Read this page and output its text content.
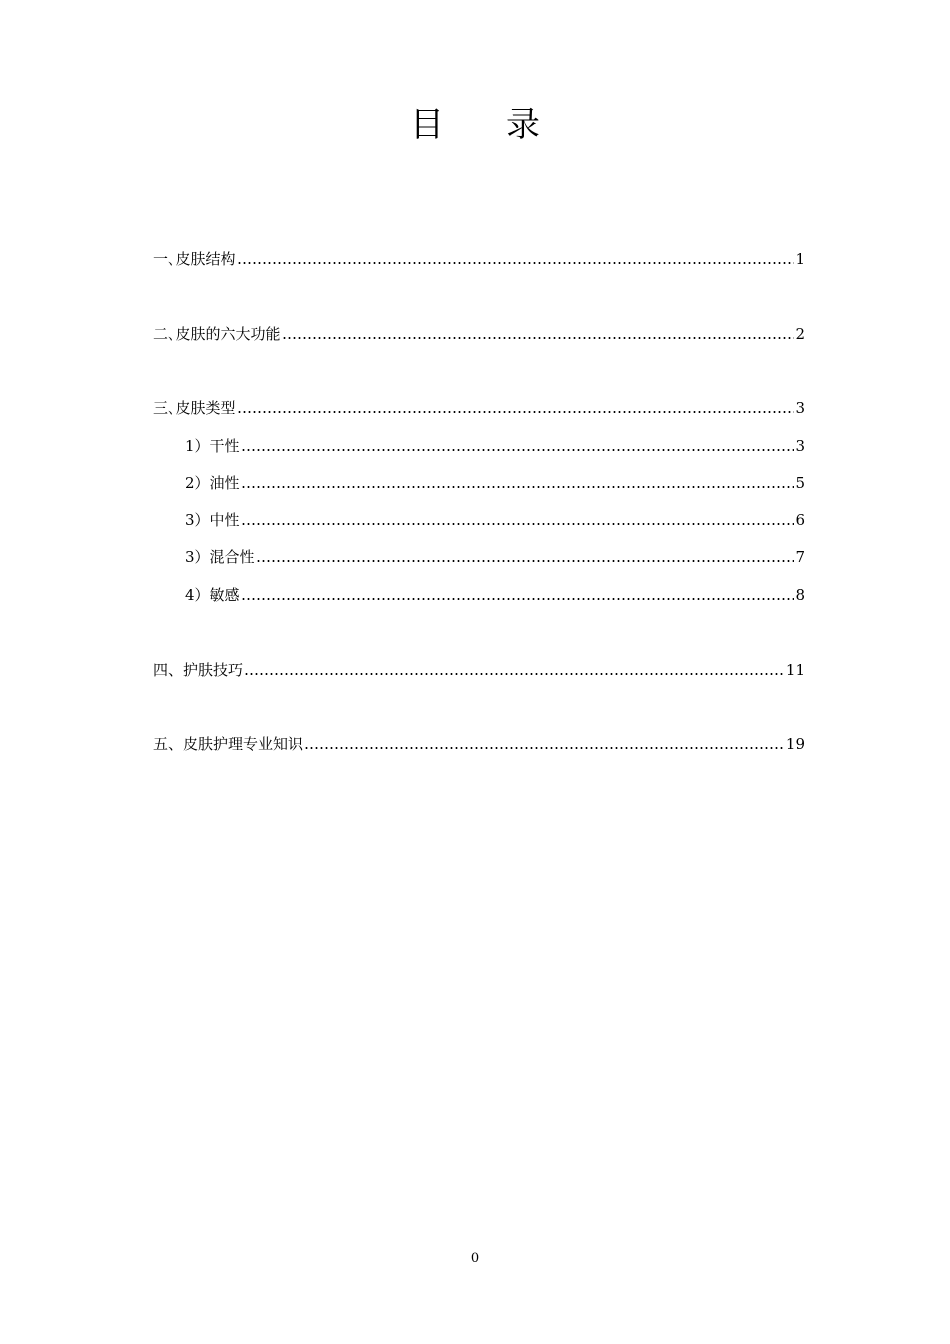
目 录
一､皮肤结构	1
二､皮肤的六大功能	2
三､皮肤类型	3
1）干性	3
2）油性	5
3）中性	6
3）混合性	7
4）敏感	8
四、护肤技巧	11
五、皮肤护理专业知识	19
0
